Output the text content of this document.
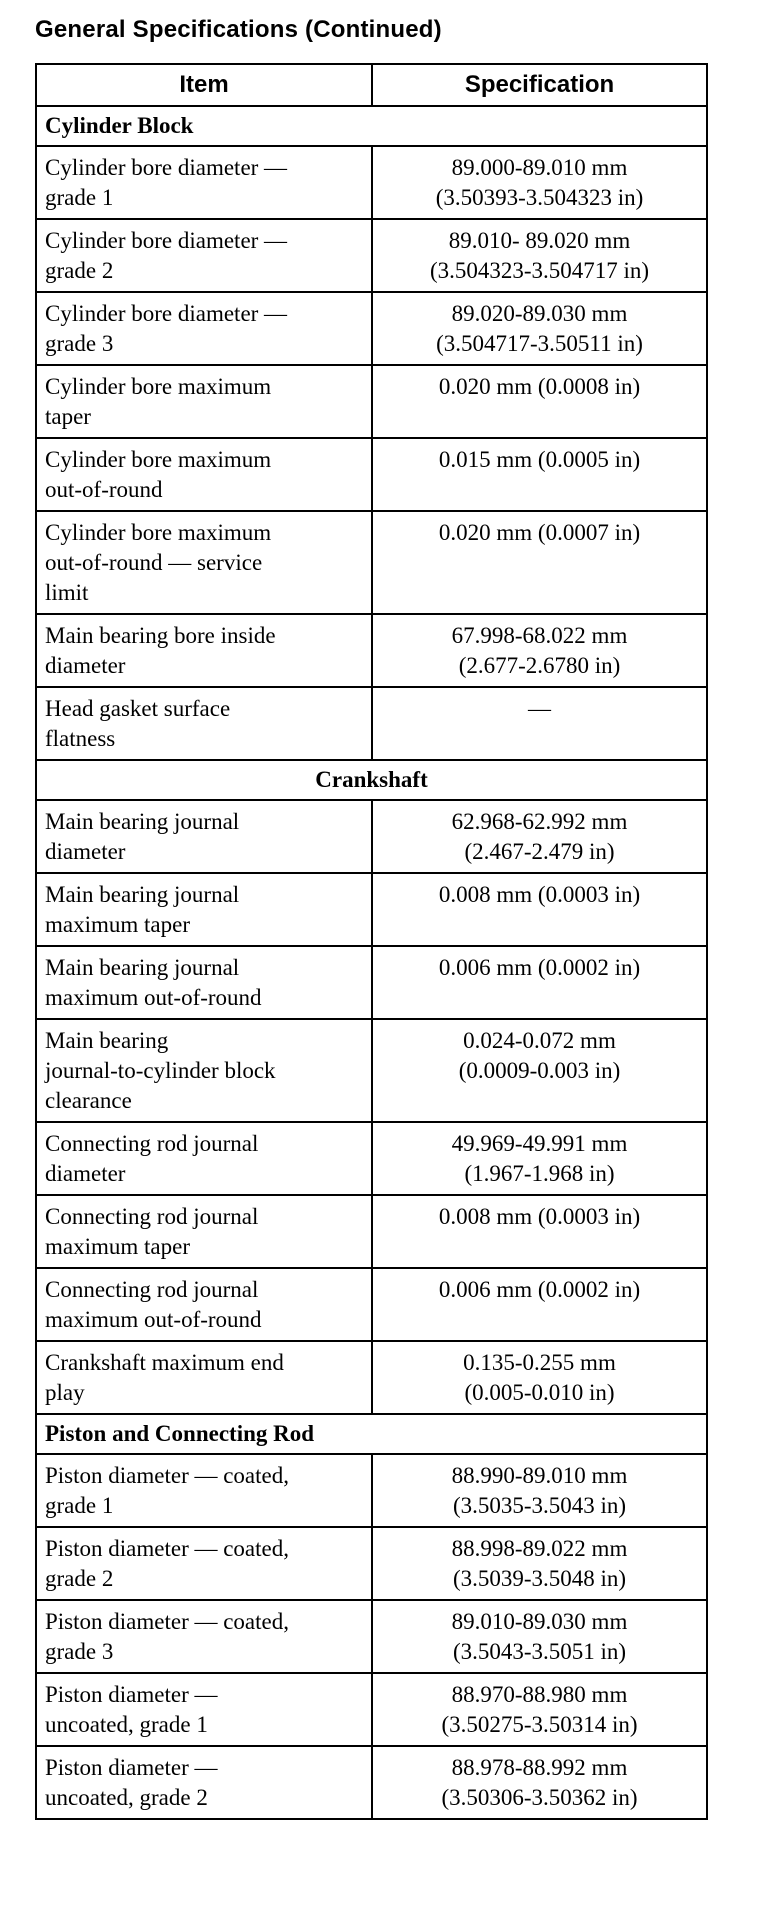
General Specifications (Continued)
Item	Specification
Cylinder Block	

Cylinder bore diameter —
grade 1	89.000-89.010 mm
(3.50393-3.504323 in)

Cylinder bore diameter —
grade 2	89.010- 89.020 mm
(3.504323-3.504717 in)

Cylinder bore diameter —
grade 3	89.020-89.030 mm
(3.504717-3.50511 in)

Cylinder bore maximum
taper	0.020 mm (0.0008 in)

Cylinder bore maximum
out-of-round	0.015 mm (0.0005 in)

Cylinder bore maximum
out-of-round — service
limit	0.020 mm (0.0007 in)

Main bearing bore inside
diameter	67.998-68.022 mm
(2.677-2.6780 in)

Head gasket surface
flatness	—

Crankshaft	

Main bearing journal
diameter	62.968-62.992 mm
(2.467-2.479 in)

Main bearing journal
maximum taper	0.008 mm (0.0003 in)

Main bearing journal
maximum out-of-round	0.006 mm (0.0002 in)

Main bearing
journal-to-cylinder block
clearance	0.024-0.072 mm
(0.0009-0.003 in)

Connecting rod journal
diameter	49.969-49.991 mm
(1.967-1.968 in)

Connecting rod journal
maximum taper	0.008 mm (0.0003 in)

Connecting rod journal
maximum out-of-round	0.006 mm (0.0002 in)

Crankshaft maximum end
play	0.135-0.255 mm
(0.005-0.010 in)

Piston and Connecting Rod	

Piston diameter — coated,
grade 1	88.990-89.010 mm
(3.5035-3.5043 in)

Piston diameter — coated,
grade 2	88.998-89.022 mm
(3.5039-3.5048 in)

Piston diameter — coated,
grade 3	89.010-89.030 mm
(3.5043-3.5051 in)

Piston diameter —
uncoated, grade 1	88.970-88.980 mm
(3.50275-3.50314 in)

Piston diameter —
uncoated, grade 2	88.978-88.992 mm
(3.50306-3.50362 in)
